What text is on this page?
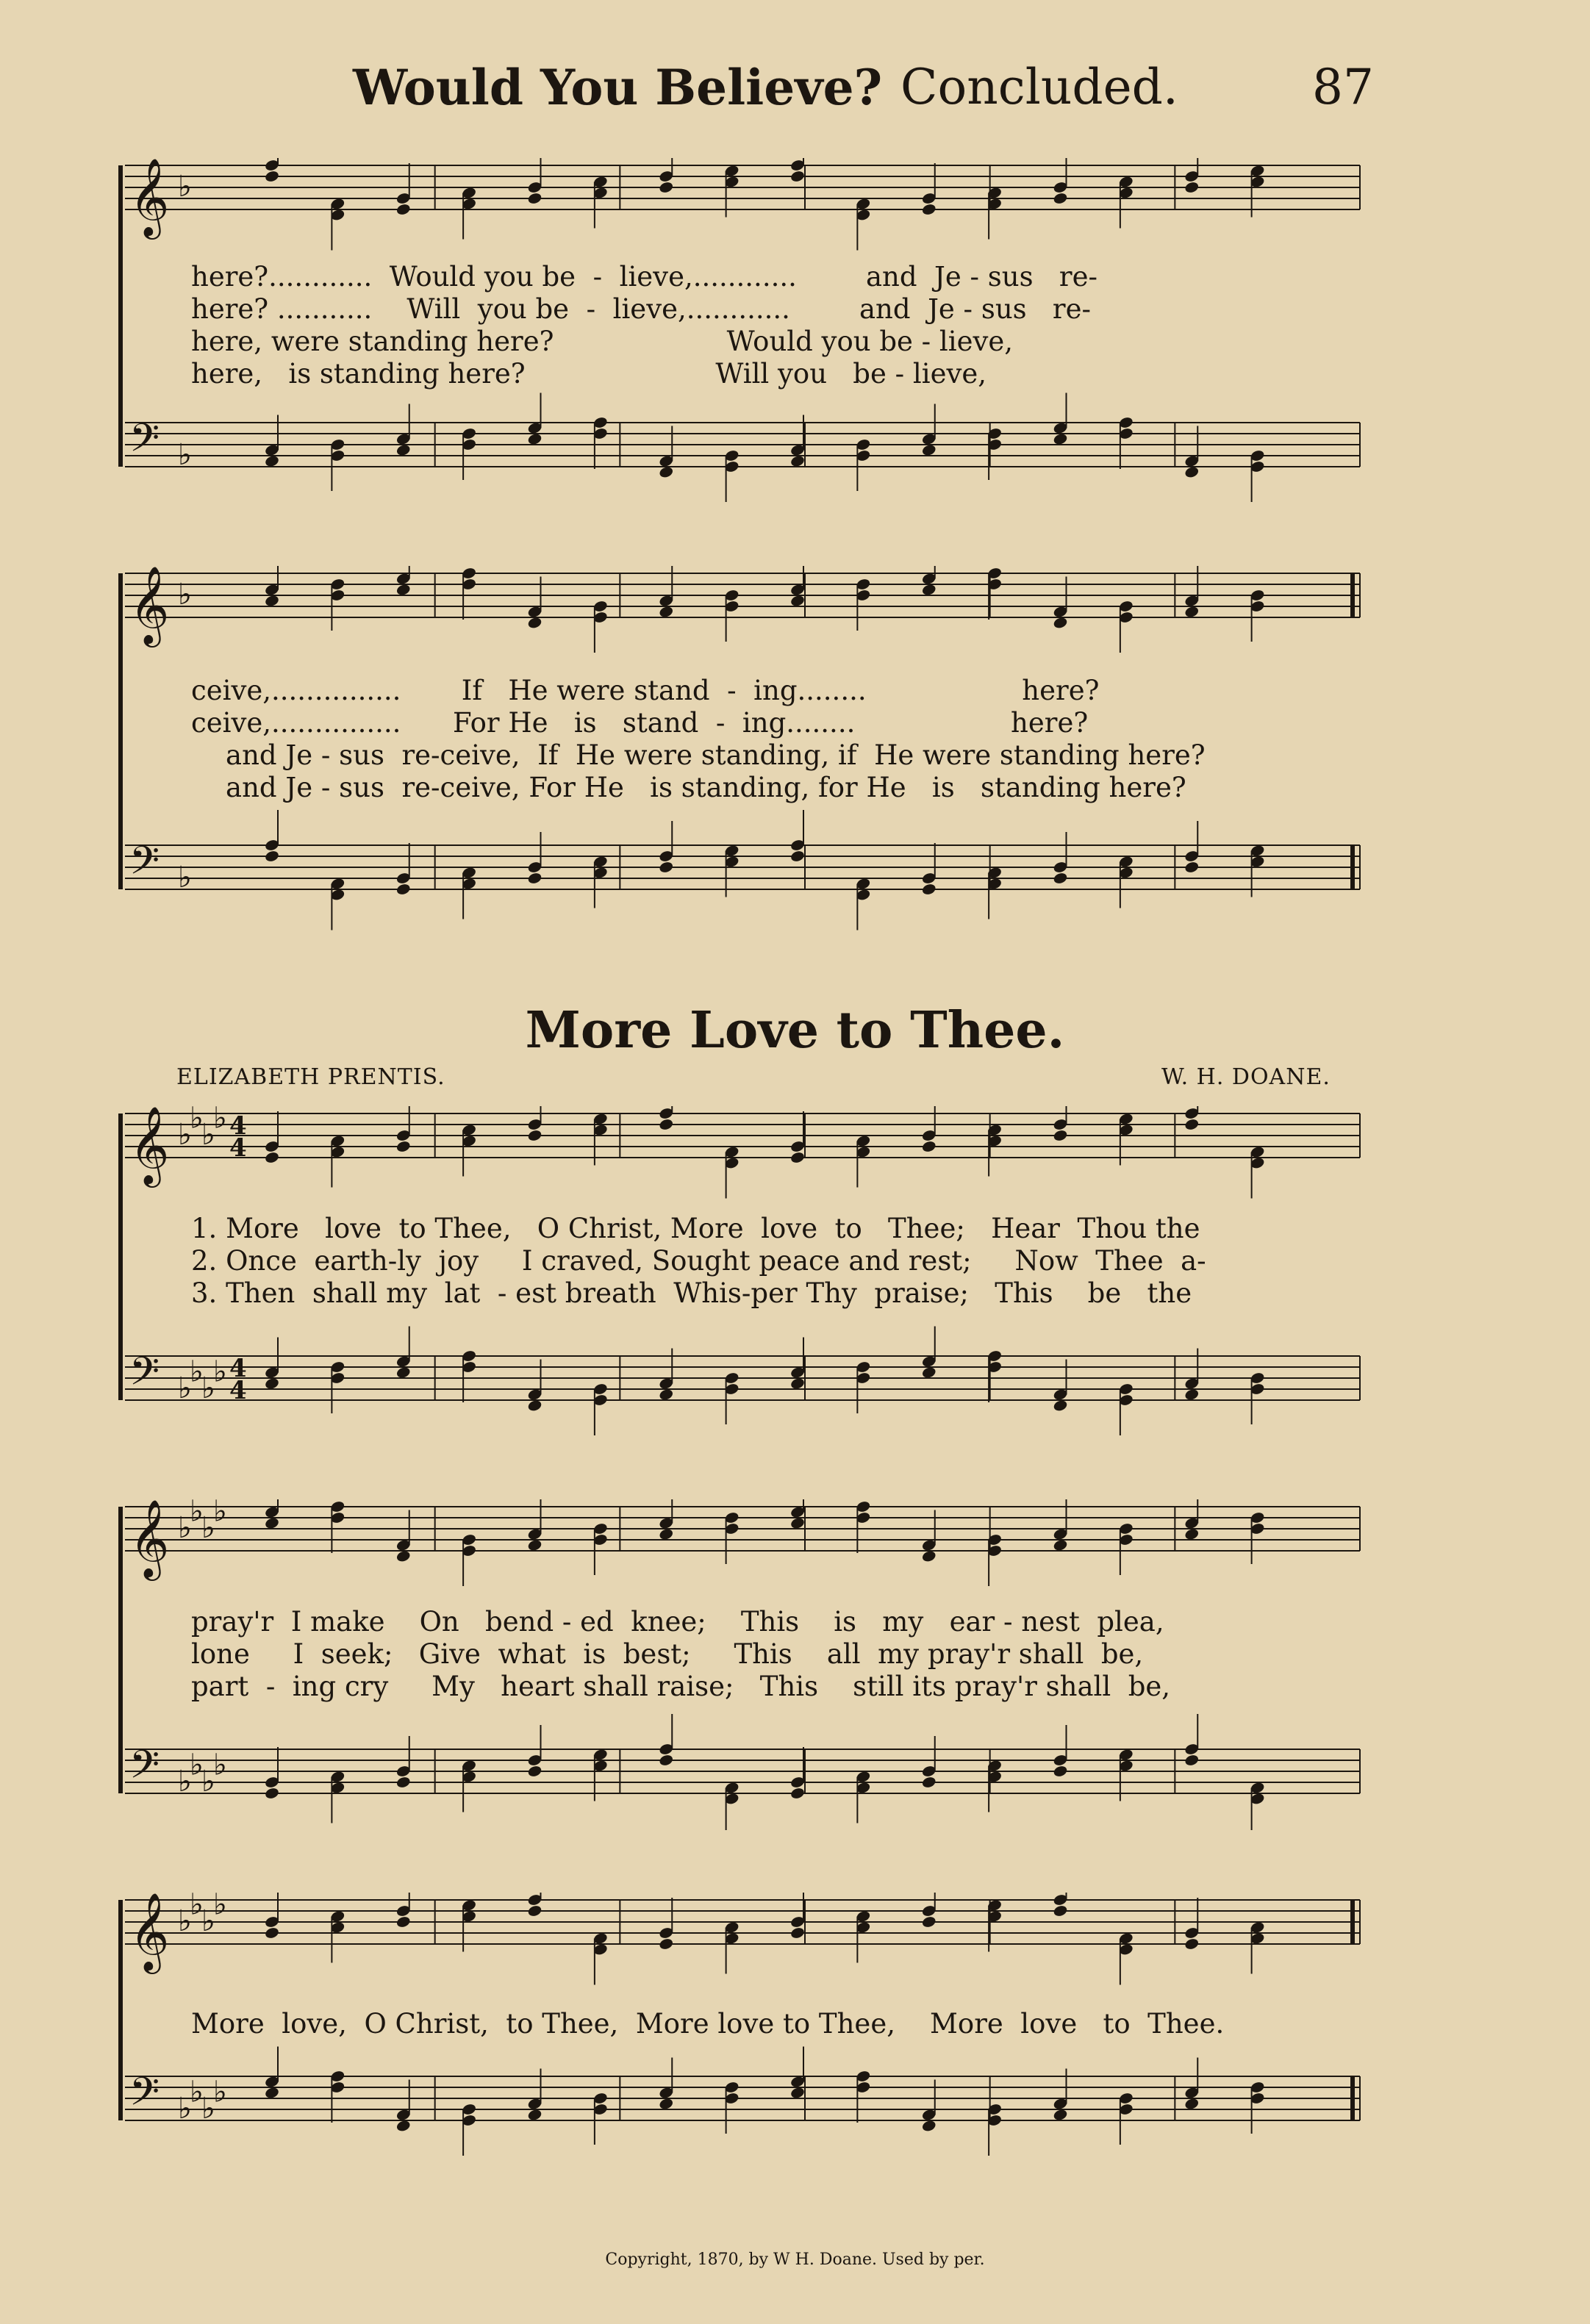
Would You Believe? Concluded.	87
𝄞 ♭
𝄢 ♭
here?............  Would you be  -  lieve,............        and  Je - sus   re-
here? ...........    Will  you be  -  lieve,............        and  Je - sus   re-
here, were standing here?                    Would you be - lieve,
here,   is standing here?                      Will you   be - lieve,
𝄞 ♭
𝄢 ♭
ceive,...............       If   He were stand  -  ing........                  here?
ceive,...............      For He   is   stand  -  ing........                  here?
and Je - sus  re-ceive,  If  He were standing, if  He were standing here?
and Je - sus  re-ceive, For He   is standing, for He   is   standing here?
More Love to Thee.
ELIZABETH PRENTIS.	W. H. DOANE.
𝄞 ♭
♭
♭
♭ 4
4
𝄢 ♭
♭
♭
♭ 4
4
1. More   love  to Thee,   O Christ, More  love  to   Thee;   Hear  Thou the
2. Once  earth-ly  joy     I craved, Sought peace and rest;     Now  Thee  a-
3. Then  shall my  lat  - est breath  Whis-per Thy  praise;   This    be   the
𝄞 ♭
♭
♭
♭
𝄢 ♭
♭
♭
♭
pray'r  I make    On   bend - ed  knee;    This    is   my   ear - nest  plea,
lone     I  seek;   Give  what  is  best;     This    all  my pray'r shall  be,
part  -  ing cry     My   heart shall raise;   This    still its pray'r shall  be,
𝄞 ♭
♭
♭
♭
𝄢 ♭
♭
♭
♭
More  love,  O Christ,  to Thee,  More love to Thee,    More  love   to  Thee.
Copyright, 1870, by W H. Doane. Used by per.
